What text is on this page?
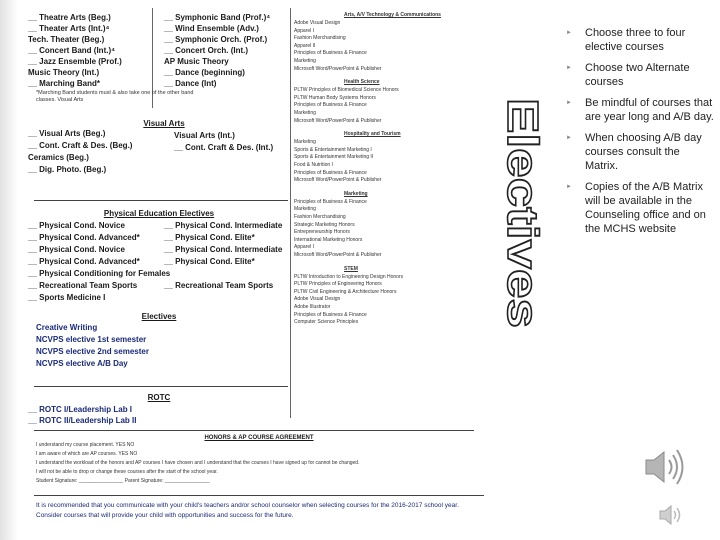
__ Theatre Arts (Beg.)
__ Theater Arts (Int.)⁴
Tech. Theater (Beg.)
__ Concert Band (Int.)⁴
__ Jazz Ensemble (Prof.)
Music Theory (Int.)
__ Marching Band*
__ Symphonic Band (Prof.)⁴
__ Wind Ensemble (Adv.)
__ Symphonic Orch. (Prof.)
__ Concert Orch. (Int.)
AP Music Theory
__ Dance (beginning)
__ Dance (Int)
*Marching Band students must & also take one of the other band
classes. Visual Arts
Visual Arts
__ Visual Arts (Beg.)
__ Cont. Craft & Des. (Beg.)
Ceramics (Beg.)
__ Dig. Photo. (Beg.)
Visual Arts (Int.)
__ Cont. Craft & Des. (Int.)
Physical Education Electives
__ Physical Cond. Novice
__ Physical Cond. Advanced*
__ Physical Cond. Novice
__ Physical Cond. Advanced*
__ Physical Conditioning for Females
__ Recreational Team Sports
__ Sports Medicine I
__ Physical Cond. Intermediate
__ Physical Cond. Elite*
__ Physical Cond. Intermediate
__ Physical Cond. Elite*
__ Recreational Team Sports
Electives
Creative Writing
NCVPS elective 1st semester
NCVPS elective 2nd semester
NCVPS elective A/B Day
ROTC
__ ROTC I/Leadership Lab I
__ ROTC II/Leadership Lab II
HONORS & AP COURSE AGREEMENT
I understand my course placement. YES NO
I am aware of which are AP courses. YES NO
I understand the workload of the honors and AP courses I have chosen and I understand that the courses I have signed up for cannot be changed.
I will not be able to drop or change these courses after the start of the school year.
Student Signature: ________________ Parent Signature: ________________
It is recommended that you communicate with your child's teachers and/or school counselor when selecting courses for the 2016-2017 school year. Consider courses that will provide your child with opportunities and success for the future.
Arts, A/V Technology & Communications
Adobe Visual Design
Apparel I
Fashion Merchandising
Apparel II
Principles of Business & Finance
Marketing
Microsoft Word/PowerPoint & Publisher
Health Science
PLTW Principles of Biomedical Science Honors
PLTW Human Body Systems Honors
Principles of Business & Finance
Marketing
Microsoft Word/PowerPoint & Publisher
Hospitality and Tourism
Marketing
Sports & Entertainment Marketing I
Sports & Entertainment Marketing II
Food & Nutrition I
Principles of Business & Finance
Microsoft Word/PowerPoint & Publisher
Marketing
Principles of Business & Finance
Marketing
Fashion Merchandising
Strategic Marketing Honors
Entrepreneurship Honors
International Marketing Honors
Apparel I
Microsoft Word/PowerPoint & Publisher
STEM
PLTW Introduction to Engineering Design Honors
PLTW Principles of Engineering Honors
PLTW Civil Engineering & Architecture Honors
Adobe Visual Design
Adobe Illustrator
Principles of Business & Finance
Computer Science Principles
Electives
► Choose three to four elective courses
► Choose two Alternate courses
► Be mindful of courses that are year long and A/B day.
► When choosing A/B day courses consult the Matrix.
► Copies of the A/B Matrix will be available in the Counseling office and on the MCHS website
